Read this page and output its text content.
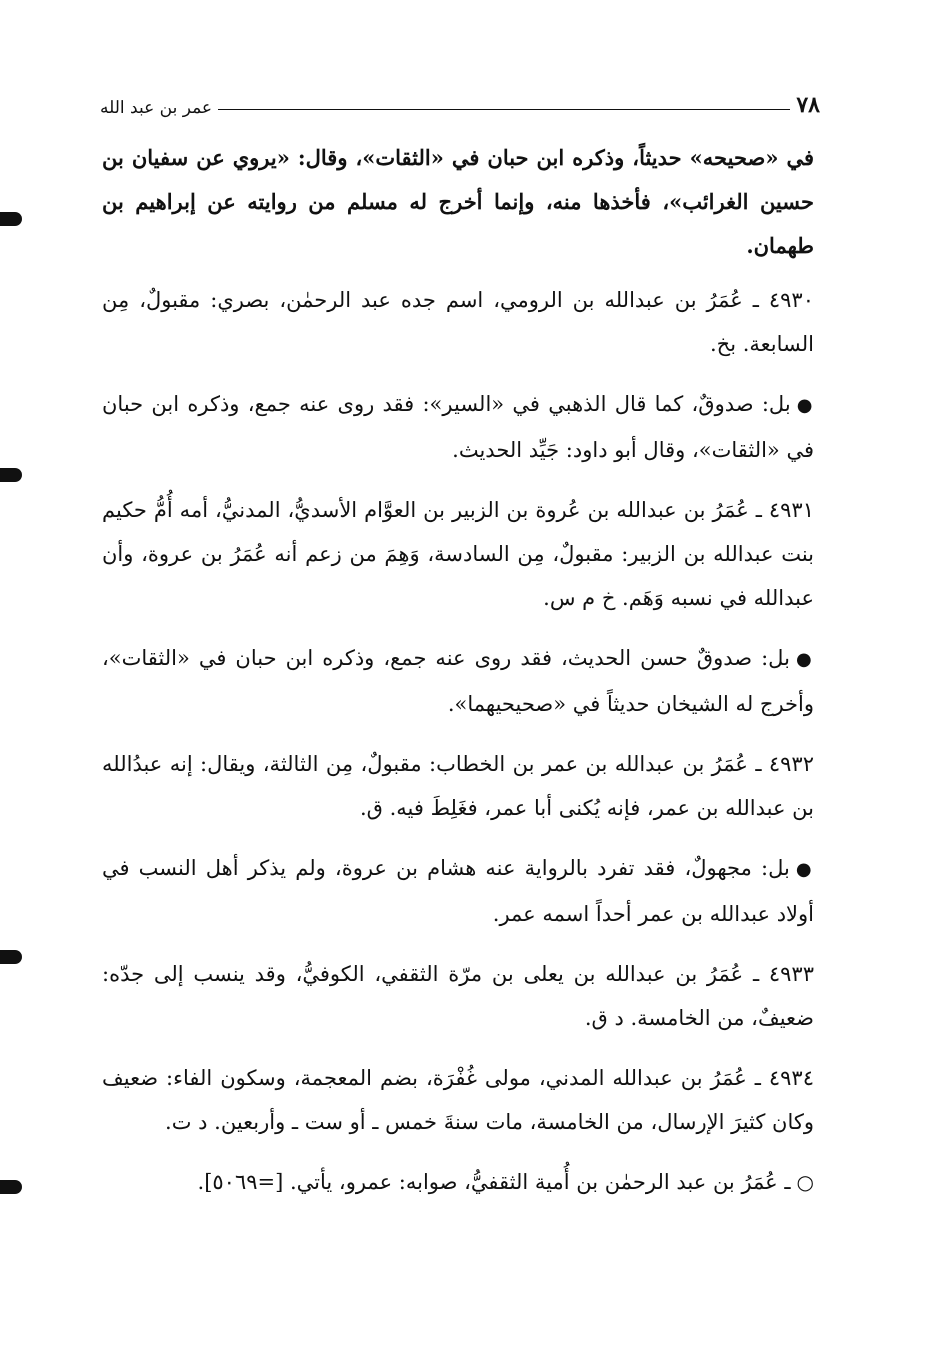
٧٨
عمر بن عبد الله

في «صحيحه» حديثاً، وذكره ابن حبان في «الثقات»، وقال: «يروي عن سفيان بن حسين الغرائب»، فأخذها منه، وإنما أخرج له مسلم من روايته عن إبراهيم بن طهمان.

٤٩٣٠ ـ عُمَرُ بن عبدالله بن الرومي، اسم جده عبد الرحمٰن، بصري: مقبولٌ، مِن السابعة. بخ.

● بل: صدوقٌ، كما قال الذهبي في «السير»: فقد روى عنه جمع، وذكره ابن حبان في «الثقات»، وقال أبو داود: جَيِّد الحديث.

٤٩٣١ ـ عُمَرُ بن عبدالله بن عُروة بن الزبير بن العوَّام الأسديُّ، المدنيُّ، أمه أُمُّ حكيم بنت عبدالله بن الزبير: مقبولٌ، مِن السادسة، وَهِمَ من زعم أنه عُمَرُ بن عروة، وأن عبدالله في نسبه وَهَم. خ م س.

● بل: صدوقٌ حسن الحديث، فقد روى عنه جمع، وذكره ابن حبان في «الثقات»، وأخرج له الشيخان حديثاً في «صحيحيهما».

٤٩٣٢ ـ عُمَرُ بن عبدالله بن عمر بن الخطاب: مقبولٌ، مِن الثالثة، ويقال: إنه عبدُالله بن عبدالله بن عمر، فإنه يُكنى أبا عمر، فغَلِطَ فيه. ق.

● بل: مجهولٌ، فقد تفرد بالرواية عنه هشام بن عروة، ولم يذكر أهل النسب في أولاد عبدالله بن عمر أحداً اسمه عمر.

٤٩٣٣ ـ عُمَرُ بن عبدالله بن يعلى بن مرّة الثقفي، الكوفيُّ، وقد ينسب إلى جدّه: ضعيفٌ، من الخامسة. د ق.

٤٩٣٤ ـ عُمَرُ بن عبدالله المدني، مولى غُفْرَة، بضم المعجمة، وسكون الفاء: ضعيف وكان كثيرَ الإرسال، من الخامسة، مات سنةَ خمس ـ أو ست ـ وأربعين. د ت.

○ ـ عُمَرُ بن عبد الرحمٰن بن أُمية الثقفيُّ، صوابه: عمرو، يأتي. [=٥٠٦٩].
